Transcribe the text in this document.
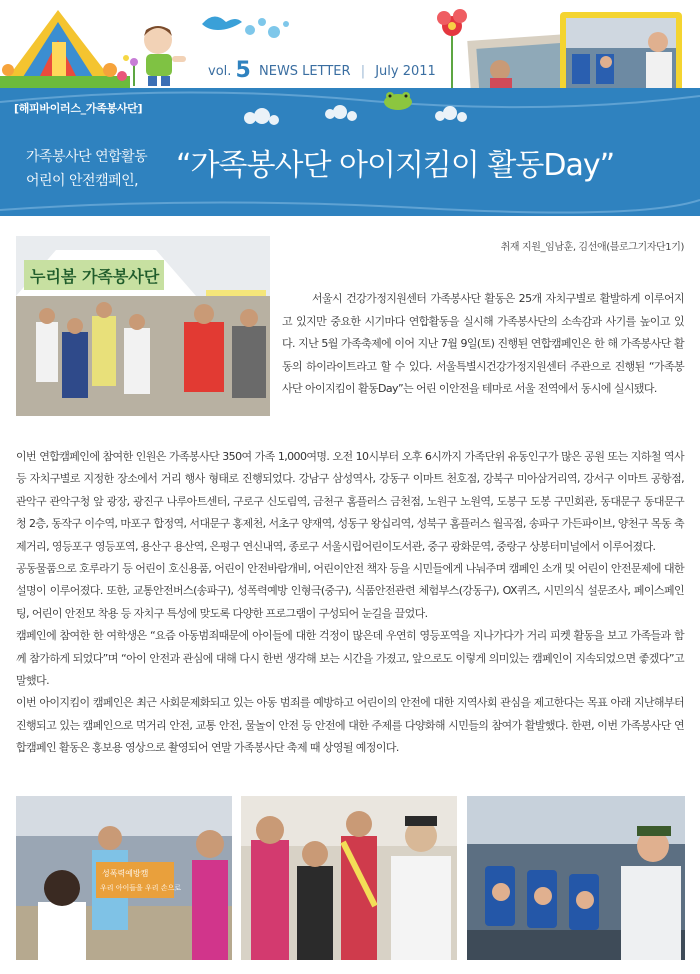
vol. 5 NEWS LETTER | July 2011
[해피바이러스_가족봉사단]
가족봉사단 연합활동
어린이 안전캠페인, “가족봉사단 아이지킴이 활동Day”
누리봄 가족봉사단
취재 지원_임남훈, 김선애(블로그기자단1기)

서울시 건강가정지원센터 가족봉사단 활동은 25개 자치구별로 활발하게 이루어지고 있지만 중요한 시기마다 연합활동을 실시해 가족봉사단의 소속감과 사기를 높이고 있다. 지난 5월 가족축제에 이어 지난 7월 9일(토) 진행된 연합캠페인은 한 해 가족봉사단 활동의 하이라이트라고 할 수 있다. 서울특별시건강가정지원센터 주관으로 진행된 “가족봉사단 아이지킴이 활동Day”는 어린 이안전을 테마로 서울 전역에서 동시에 실시됐다.

이번 연합캠페인에 참여한 인원은 가족봉사단 350여 가족 1,000여명. 오전 10시부터 오후 6시까지 가족단위 유동인구가 많은 공원 또는 지하철 역사 등 자치구별로 지정한 장소에서 거리 행사 형태로 진행되었다. 강남구 삼성역사, 강동구 이마트 천호점, 강북구 미아삼거리역, 강서구 이마트 공항점, 관악구 관악구청 앞 광장, 광진구 나루아트센터, 구로구 신도림역, 금천구 홈플러스 금천점, 노원구 노원역, 도봉구 도봉 구민회관, 동대문구 동대문구청 2층, 동작구 이수역, 마포구 합정역, 서대문구 홍제천, 서초구 양재역, 성동구 왕십리역, 성북구 홈플러스 월곡점, 송파구 가든파이브, 양천구 목동 축제거리, 영등포구 영등포역, 용산구 용산역, 은평구 연신내역, 종로구 서울시립어린이도서관, 중구 광화문역, 중랑구 상봉터미널에서 이루어졌다.

공동물품으로 호루라기 등 어린이 호신용품, 어린이 안전바람개비, 어린이안전 책자 등을 시민들에게 나눠주며 캠페인 소개 및 어린이 안전문제에 대한 설명이 이루어졌다. 또한, 교통안전버스(송파구), 성폭력예방 인형극(중구), 식품안전관련 체험부스(강동구), OX퀴즈, 시민의식 설문조사, 페이스페인팅, 어린이 안전모 착용 등 자치구 특성에 맞도록 다양한 프로그램이 구성되어 눈길을 끌었다.

캠페인에 참여한 한 여학생은 “요즘 아동범죄때문에 아이들에 대한 걱정이 많은데 우연히 영등포역을 지나가다가 거리 피켓 활동을 보고 가족들과 함께 참가하게 되었다”며 “아이 안전과 관심에 대해 다시 한번 생각해 보는 시간을 가졌고, 앞으로도 이렇게 의미있는 캠페인이 지속되었으면 좋겠다”고 말했다.

이번 아이지킴이 캠페인은 최근 사회문제화되고 있는 아동 범죄를 예방하고 어린이의 안전에 대한 지역사회 관심을 제고한다는 목표 아래 지난해부터 진행되고 있는 캠페인으로 먹거리 안전, 교통 안전, 물놀이 안전 등 안전에 대한 주제를 다양화해 시민들의 참여가 활발했다. 한편, 이번 가족봉사단 연합캠페인 활동은 홍보용 영상으로 촬영되어 연말 가족봉사단 축제 때 상영될 예정이다.

성폭력예방캠
우리 아이들을 우리 손으로
